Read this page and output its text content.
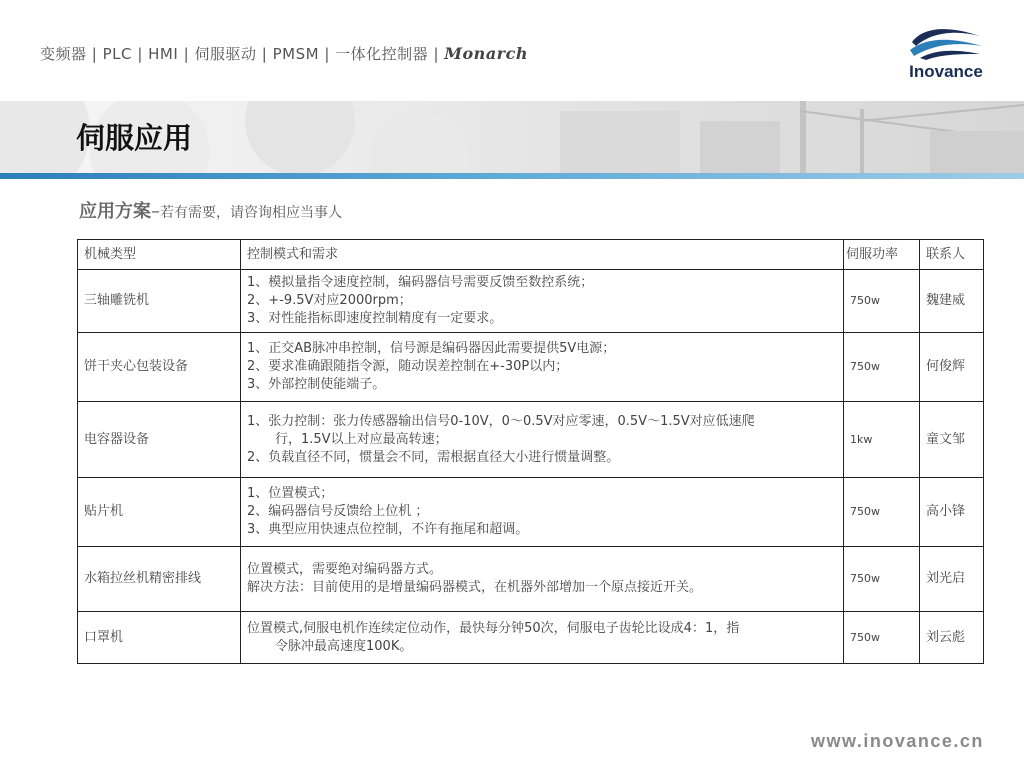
变频器 | PLC | HMI | 伺服驱动 | PMSM | 一体化控制器 | Monarch
Inovance
伺服应用
应用方案–若有需要，请咨询相应当事人
机械类型	控制模式和需求	伺服功率	联系人
三轴雕铣机	1、模拟量指令速度控制，编码器信号需要反馈至数控系统；
2、+-9.5V对应2000rpm；
3、对性能指标即速度控制精度有一定要求。	750w	魏建威
饼干夹心包装设备	1、正交AB脉冲串控制，信号源是编码器因此需要提供5V电源；
2、要求准确跟随指令源，随动误差控制在+-30P以内；
3、外部控制使能端子。	750w	何俊辉
电容器设备	1、张力控制：张力传感器输出信号0-10V，0～0.5V对应零速，0.5V～1.5V对应低速爬
行，1.5V以上对应最高转速；
2、负载直径不同，惯量会不同，需根据直径大小进行惯量调整。	1kw	童文邹
贴片机	1、位置模式；
2、编码器信号反馈给上位机 ；
3、典型应用快速点位控制，不许有拖尾和超调。	750w	高小锋
水箱拉丝机精密排线	位置模式，需要绝对编码器方式。
解决方法：目前使用的是增量编码器模式，在机器外部增加一个原点接近开关。	750w	刘光启
口罩机	位置模式,伺服电机作连续定位动作，最快每分钟50次，伺服电子齿轮比设成4：1，指
令脉冲最高速度100K。	750w	刘云彪
www.inovance.cn
